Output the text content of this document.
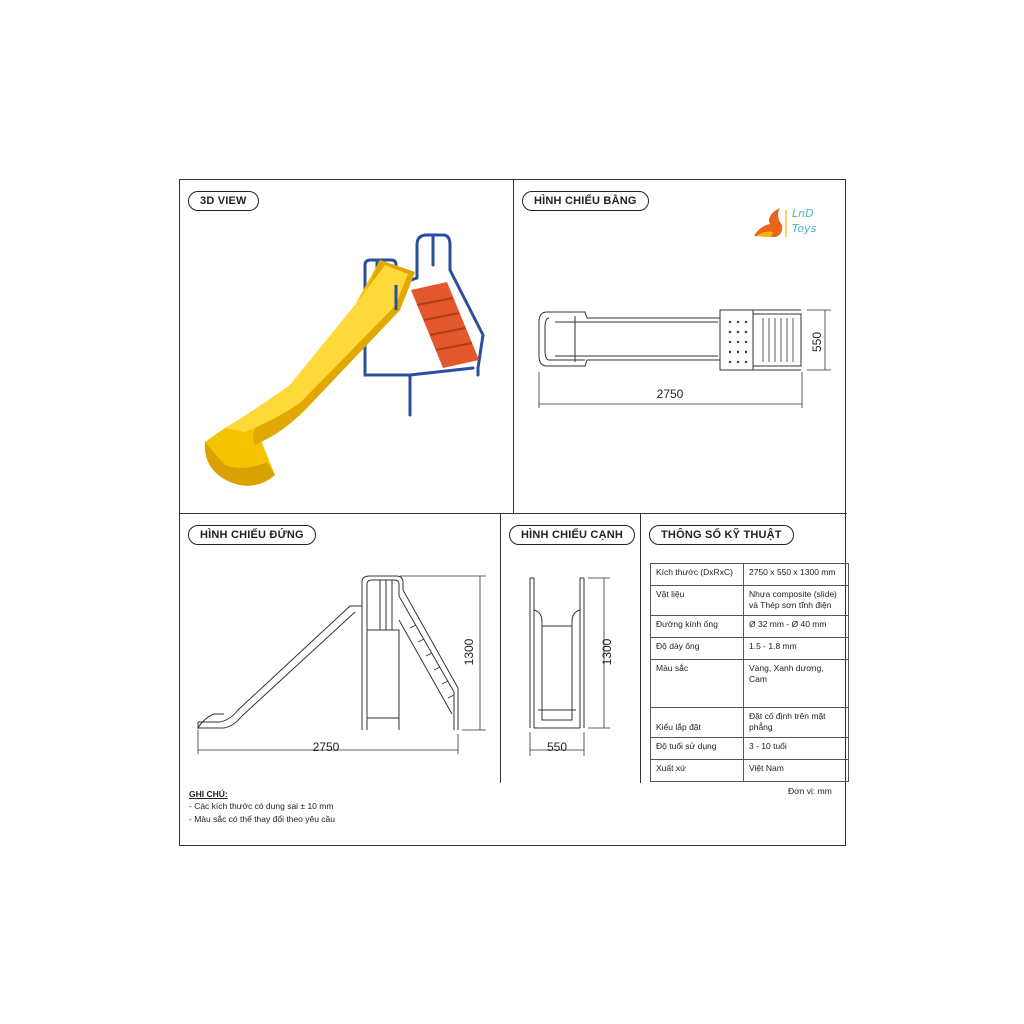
3D VIEW	HÌNH CHIẾU BẰNG
HÌNH CHIẾU ĐỨNG	HÌNH CHIẾU CẠNH	THÔNG SỐ KỸ THUẬT
LnD
Toys
2750
550
2750
1300
550
1300
Kích thước (DxRxC)	2750 x 550 x 1300 mm
Vật liệu	Nhựa composite (slide) và Thép sơn tĩnh điện
Đường kính ống	Ø 32 mm - Ø 40 mm
Độ dày ống	1.5 - 1.8 mm
Màu sắc	Vàng, Xanh dương, Cam
Kiểu lắp đặt	Đặt cố định trên mặt phẳng
Độ tuổi sử dụng	3 - 10 tuổi
Xuất xứ	Việt Nam
Đơn vị: mm
GHI CHÚ:
- Các kích thước có dung sai ± 10 mm
- Màu sắc có thể thay đổi theo yêu cầu
